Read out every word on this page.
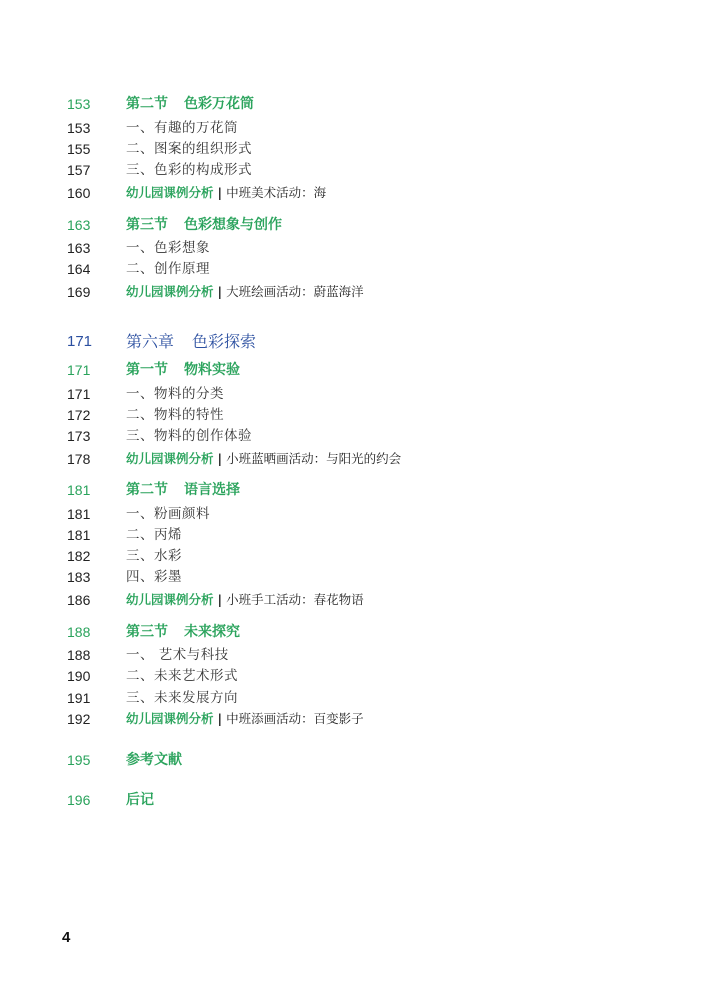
153	第二节 色彩万花筒
153	一、有趣的万花筒
155	二、图案的组织形式
157	三、色彩的构成形式
160	幼儿园课例分析 | 中班美术活动：海
163	第三节 色彩想象与创作
163	一、色彩想象
164	二、创作原理
169	幼儿园课例分析 | 大班绘画活动：蔚蓝海洋
171 第六章 色彩探索
171	第一节 物料实验
171	一、物料的分类
172	二、物料的特性
173	三、物料的创作体验
178	幼儿园课例分析 | 小班蓝晒画活动：与阳光的约会
181	第二节 语言选择
181	一、粉画颜料
181	二、丙烯
182	三、水彩
183	四、彩墨
186	幼儿园课例分析 | 小班手工活动：春花物语
188	第三节 未来探究
188	一、 艺术与科技
190	二、未来艺术形式
191	三、未来发展方向
192	幼儿园课例分析 | 中班添画活动：百变影子
195	参考文献
196	后记
4
